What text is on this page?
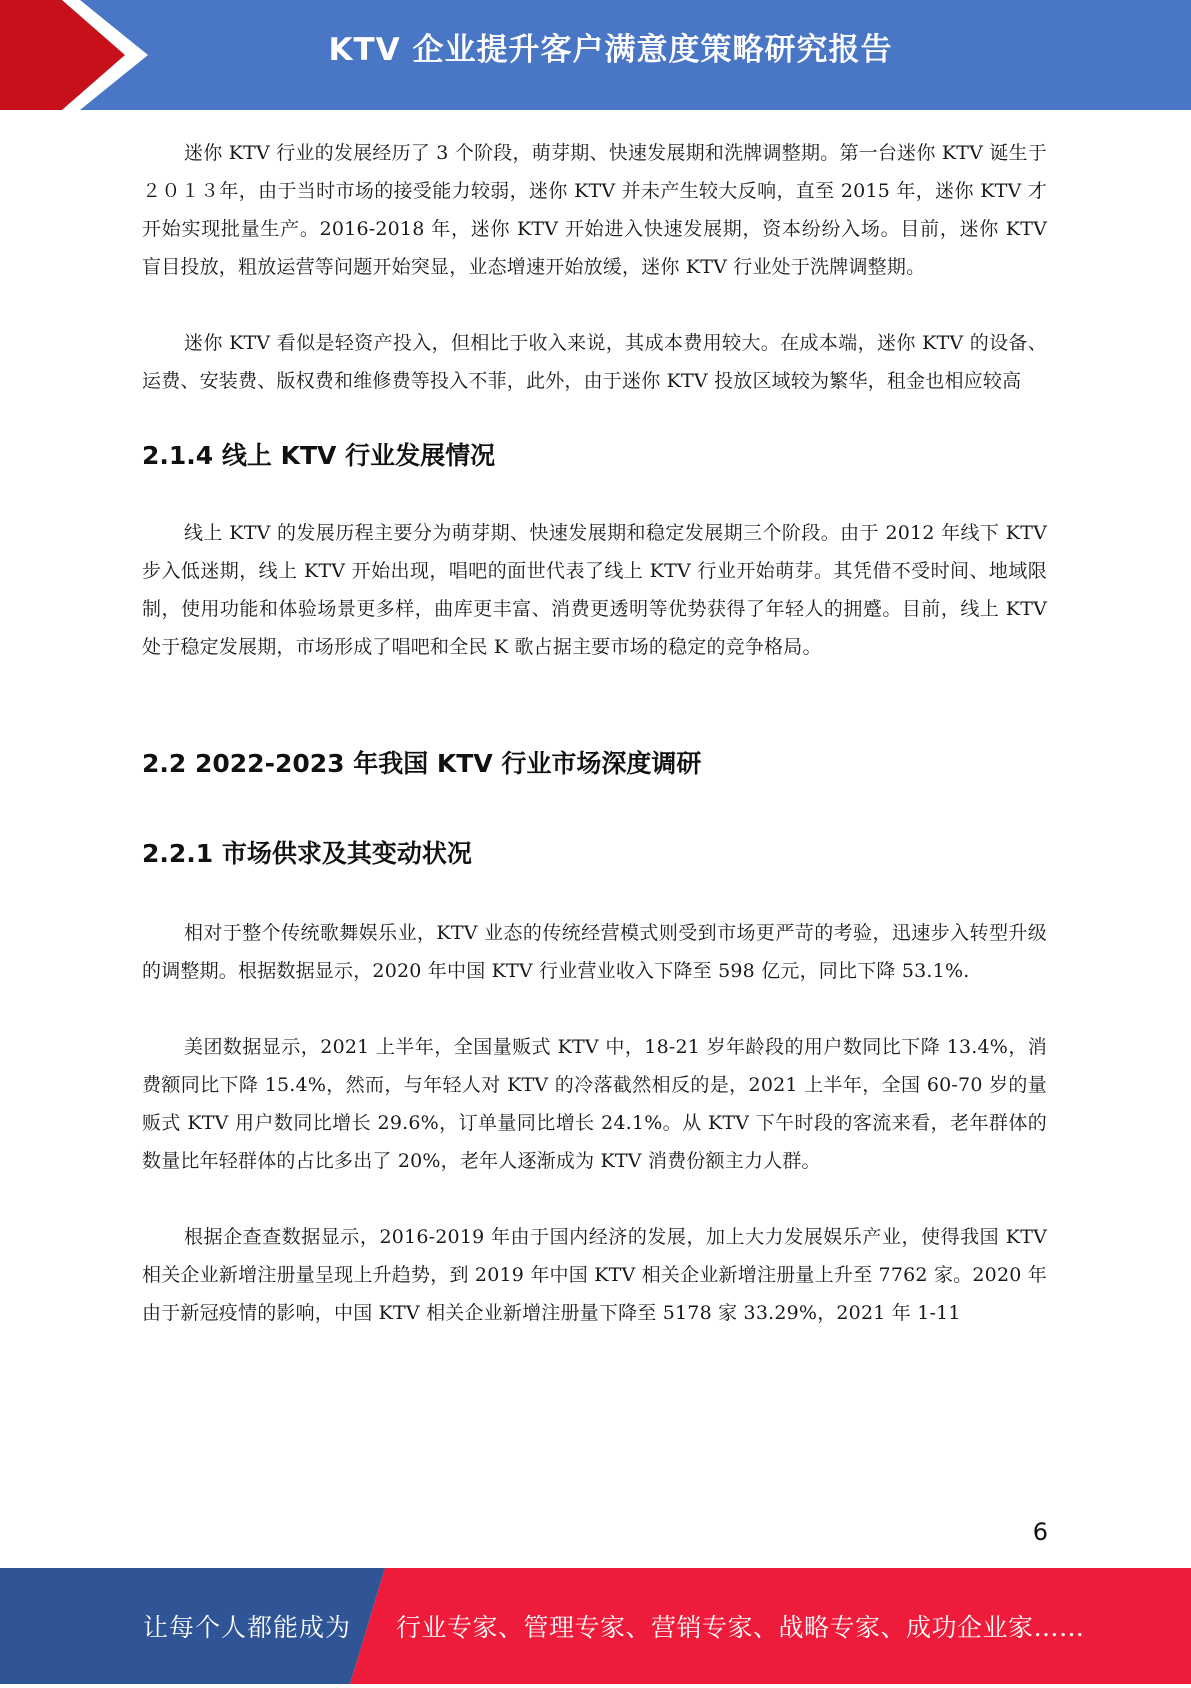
KTV 企业提升客户满意度策略研究报告

迷你 KTV 行业的发展经历了 3 个阶段，萌芽期、快速发展期和洗牌调整期。第一台迷你 KTV 诞生于２０１３年，由于当时市场的接受能力较弱，迷你 KTV 并未产生较大反响，直至 2015 年，迷你 KTV 才开始实现批量生产。2016-2018 年，迷你 KTV 开始进入快速发展期，资本纷纷入场。目前，迷你 KTV 盲目投放，粗放运营等问题开始突显，业态增速开始放缓，迷你 KTV 行业处于洗牌调整期。

迷你 KTV 看似是轻资产投入，但相比于收入来说，其成本费用较大。在成本端，迷你 KTV 的设备、运费、安装费、版权费和维修费等投入不菲，此外，由于迷你 KTV 投放区域较为繁华，租金也相应较高

2.1.4 线上 KTV 行业发展情况

线上 KTV 的发展历程主要分为萌芽期、快速发展期和稳定发展期三个阶段。由于 2012 年线下 KTV 步入低迷期，线上 KTV 开始出现，唱吧的面世代表了线上 KTV 行业开始萌芽。其凭借不受时间、地域限制，使用功能和体验场景更多样，曲库更丰富、消费更透明等优势获得了年轻人的拥蹙。目前，线上 KTV 处于稳定发展期，市场形成了唱吧和全民 K 歌占据主要市场的稳定的竞争格局。

2.2 2022-2023 年我国 KTV 行业市场深度调研
2.2.1 市场供求及其变动状况

相对于整个传统歌舞娱乐业，KTV 业态的传统经营模式则受到市场更严苛的考验，迅速步入转型升级的调整期。根据数据显示，2020 年中国 KTV 行业营业收入下降至 598 亿元，同比下降 53.1%.

美团数据显示，2021 上半年，全国量贩式 KTV 中，18-21 岁年龄段的用户数同比下降 13.4%，消费额同比下降 15.4%，然而，与年轻人对 KTV 的冷落截然相反的是，2021 上半年，全国 60-70 岁的量贩式 KTV 用户数同比增长 29.6%，订单量同比增长 24.1%。从 KTV 下午时段的客流来看，老年群体的数量比年轻群体的占比多出了 20%，老年人逐渐成为 KTV 消费份额主力人群。

根据企查查数据显示，2016-2019 年由于国内经济的发展，加上大力发展娱乐产业，使得我国 KTV 相关企业新增注册量呈现上升趋势，到 2019 年中国 KTV 相关企业新增注册量上升至 7762 家。2020 年由于新冠疫情的影响，中国 KTV 相关企业新增注册量下降至 5178 家 33.29%，2021 年 1-11

6
让每个人都能成为 行业专家、管理专家、营销专家、战略专家、成功企业家……
